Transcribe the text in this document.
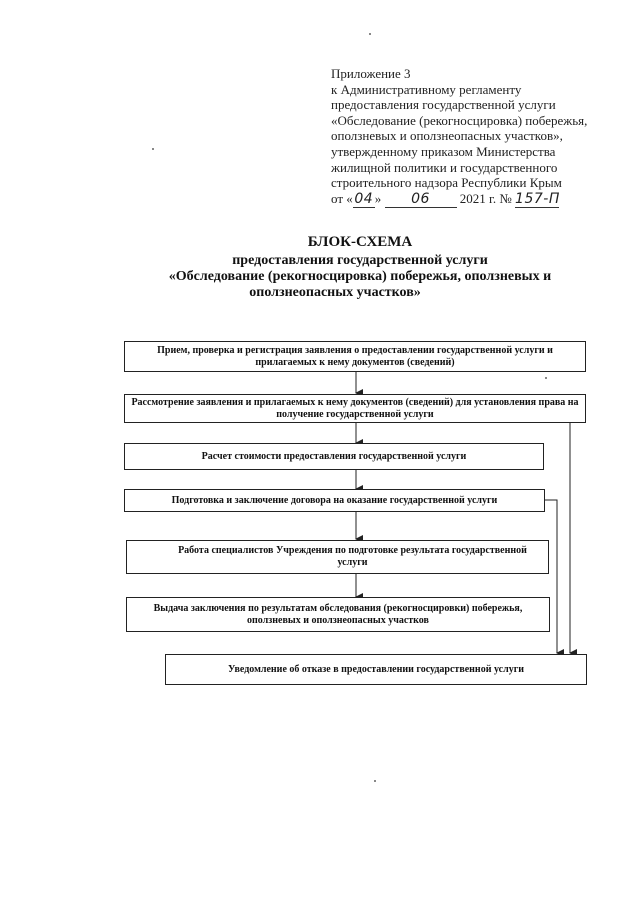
Приложение 3
к Административному регламенту
предоставления государственной услуги
«Обследование (рекогносцировка) побережья,
оползневых и оползнеопасных участков»,
утвержденному приказом Министерства
жилищной политики и государственного
строительного надзора Республики Крым
от « 04 » 06 2021 г. № 157-П
БЛОК-СХЕМА
предоставления государственной услуги
«Обследование (рекогносцировка) побережья, оползневых и
оползнеопасных участков»
Прием, проверка и регистрация заявления о предоставлении государственной услуги и прилагаемых к нему документов (сведений)
Рассмотрение заявления и прилагаемых к нему документов (сведений) для установления права на получение государственной услуги
Расчет стоимости предоставления государственной услуги
Подготовка и заключение договора на оказание государственной услуги
Работа специалистов Учреждения по подготовке результата государственной услуги
Выдача заключения по результатам обследования (рекогносцировки) побережья, оползневых и оползнеопасных участков
Уведомление об отказе в предоставлении государственной услуги
